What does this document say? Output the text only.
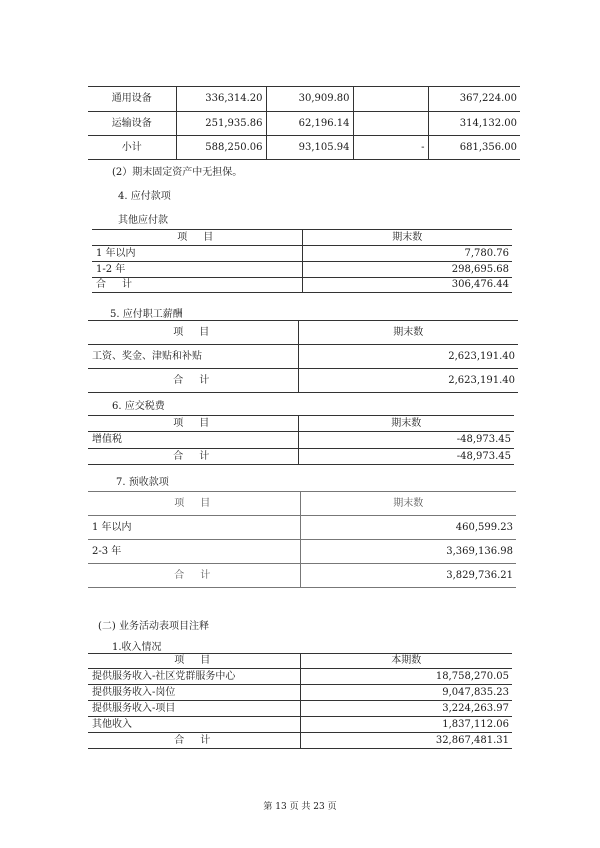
通用设备	336,314.20	30,909.80		367,224.00
运输设备	251,935.86	62,196.14		314,132.00
小计	588,250.06	93,105.94	-	681,356.00
(2）期末固定资产中无担保。
4. 应付款项
其他应付款
项　目	期末数
1 年以内	7,780.76
1-2 年	298,695.68
合　计	306,476.44
5. 应付职工薪酬
项　目	期末数
工资、奖金、津贴和补贴	2,623,191.40
合　计	2,623,191.40
6. 应交税费
项　目	期末数
增值税	-48,973.45
合　计	-48,973.45
7. 预收款项
项　目	期末数
1 年以内	460,599.23
2-3 年	3,369,136.98
合　计	3,829,736.21
(二) 业务活动表项目注释
1.收入情况
项　目	本期数
提供服务收入-社区党群服务中心	18,758,270.05
提供服务收入-岗位	9,047,835.23
提供服务收入-项目	3,224,263.97
其他收入	1,837,112.06
合　计	32,867,481.31
第 13 页 共 23 页
